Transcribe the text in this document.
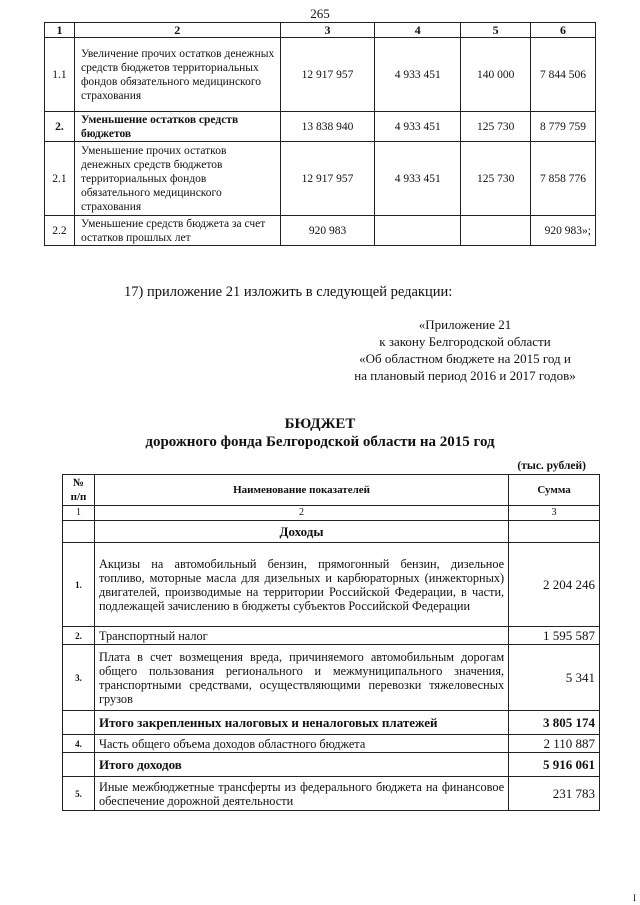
265
1	2	3	4	5	6
1.1	Увеличение прочих остатков денежных средств бюджетов территориальных фондов обязательного медицинского страхования	12 917 957	4 933 451	140 000	7 844 506
2.	Уменьшение остатков средств бюджетов	13 838 940	4 933 451	125 730	8 779 759
2.1	Уменьшение прочих остатков денежных средств бюджетов территориальных фондов обязательного медицинского страхования	12 917 957	4 933 451	125 730	7 858 776
2.2	Уменьшение средств бюджета за счет остатков прошлых лет	920 983			920 983»;
17) приложение 21 изложить в следующей редакции:
«Приложение 21
к закону Белгородской области
«Об областном бюджете на 2015 год и
на плановый период 2016 и 2017 годов»
БЮДЖЕТ
дорожного фонда Белгородской области на 2015 год
(тыс. рублей)
№ п/п	Наименование показателей	Сумма
1	2	3
	Доходы	
1.	Акцизы на автомобильный бензин, прямогонный бензин, дизельное топливо, моторные масла для дизельных и карбюраторных (инжекторных) двигателей, производимые на территории Российской Федерации, в части, подлежащей зачислению в бюджеты субъектов Российской Федерации	2 204 246
2.	Транспортный налог	1 595 587
3.	Плата в счет возмещения вреда, причиняемого автомобильным дорогам общего пользования регионального и межмуниципального значения, транспортными средствами, осуществляющими перевозки тяжеловесных грузов	5 341
	Итого закрепленных налоговых и неналоговых платежей	3 805 174
4.	Часть общего объема доходов областного бюджета	2 110 887
	Итого доходов	5 916 061
5.	Иные межбюджетные трансферты из федерального бюджета на финансовое обеспечение дорожной деятельности	231 783
I
